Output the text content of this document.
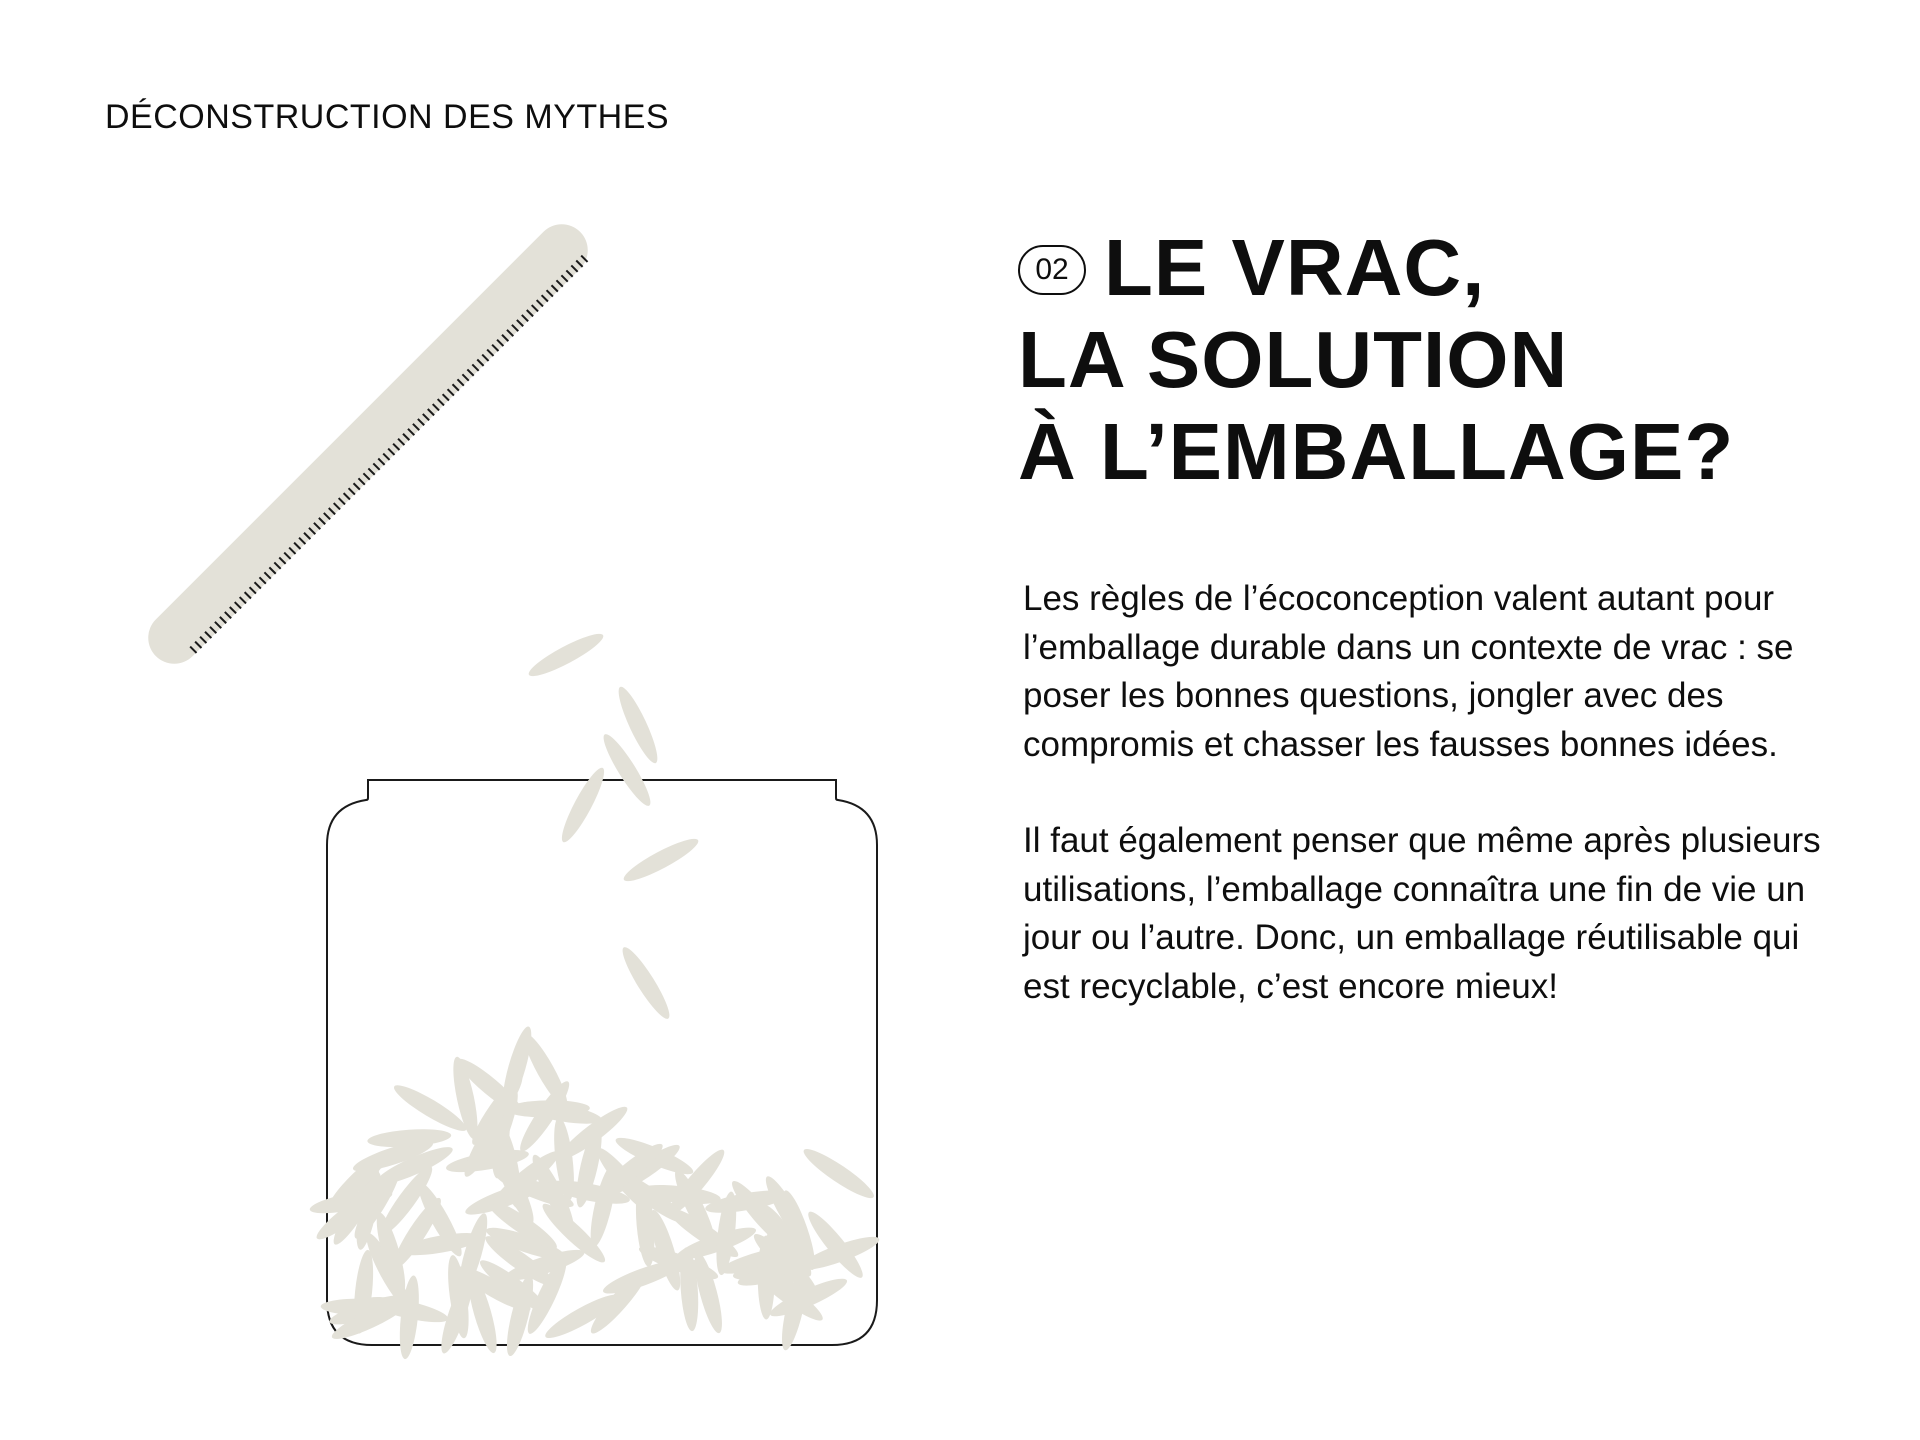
DÉCONSTRUCTION DES MYTHES
02 LE VRAC,
LA SOLUTION
À L’EMBALLAGE?

Les règles de l’écoconception valent autant pour l’emballage durable dans un contexte de vrac : se poser les bonnes questions, jongler avec des compromis et chasser les fausses bonnes idées.

Il faut également penser que même après plusieurs utilisations, l’emballage connaîtra une fin de vie un jour ou l’autre. Donc, un emballage réutilisable qui est recyclable, c’est encore mieux!
